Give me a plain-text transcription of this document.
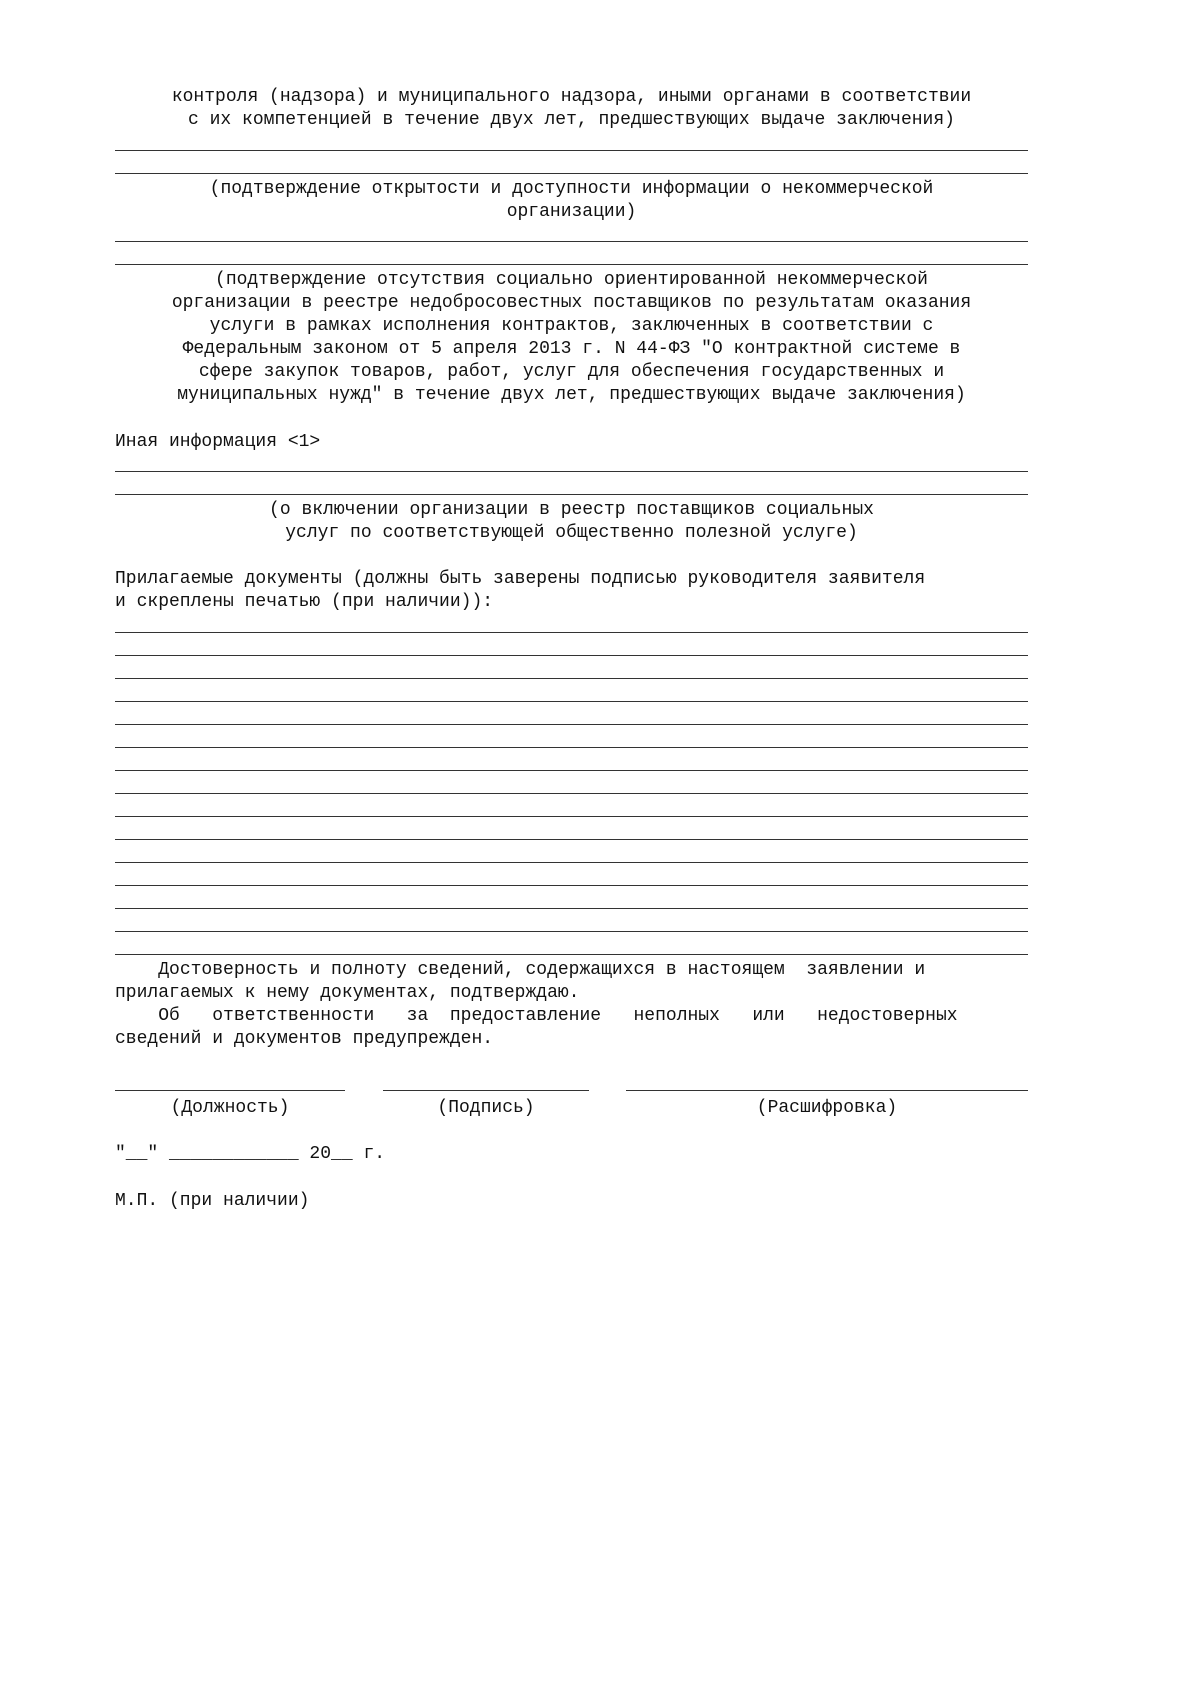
контроля (надзора) и муниципального надзора, иными органами в соответствии
с их компетенцией в течение двух лет, предшествующих выдаче заключения)
(подтверждение открытости и доступности информации о некоммерческой
организации)
(подтверждение отсутствия социально ориентированной некоммерческой
организации в реестре недобросовестных поставщиков по результатам оказания
услуги в рамках исполнения контрактов, заключенных в соответствии с
Федеральным законом от 5 апреля 2013 г. N 44-ФЗ "О контрактной системе в
сфере закупок товаров, работ, услуг для обеспечения государственных и
муниципальных нужд" в течение двух лет, предшествующих выдаче заключения)
Иная информация <1>
(о включении организации в реестр поставщиков социальных
услуг по соответствующей общественно полезной услуге)
Прилагаемые документы (должны быть заверены подписью руководителя заявителя
и скреплены печатью (при наличии)):
Достоверность и полноту сведений, содержащихся в настоящем  заявлении и
прилагаемых к нему документах, подтверждаю.
Об   ответственности   за  предоставление   неполных   или   недостоверных
сведений и документов предупрежден.
(Должность)	(Подпись)	(Расшифровка)
"__" ____________ 20__ г.
М.П. (при наличии)
